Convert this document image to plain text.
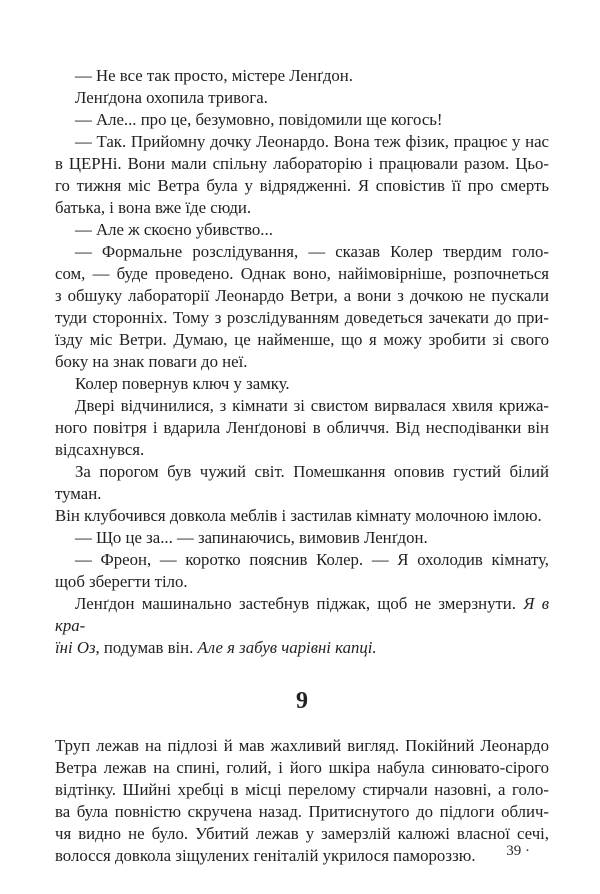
— Не все так просто, містере Ленґдон.
Ленґдона охопила тривога.
— Але... про це, безумовно, повідомили ще когось!
— Так. Прийомну дочку Леонардо. Вона теж фізик, працює у нас
в ЦЕРНі. Вони мали спільну лабораторію і працювали разом. Цьо-
го тижня міс Ветра була у відрядженні. Я сповістив її про смерть
батька, і вона вже їде сюди.
— Але ж скоєно убивство...
— Формальне розслідування, — сказав Колер твердим голо-
сом, — буде проведено. Однак воно, найімовірніше, розпочнеться
з обшуку лабораторії Леонардо Ветри, а вони з дочкою не пускали
туди сторонніх. Тому з розслідуванням доведеться зачекати до при-
їзду міс Ветри. Думаю, це найменше, що я можу зробити зі свого
боку на знак поваги до неї.
Колер повернув ключ у замку.
Двері відчинилися, з кімнати зі свистом вирвалася хвиля крижа-
ного повітря і вдарила Ленґдонові в обличчя. Від несподіванки він
відсахнувся.
За порогом був чужий світ. Помешкання оповив густий білий туман.
Він клубочився довкола меблів і застилав кімнату молочною імлою.
— Що це за... — запинаючись, вимовив Ленґдон.
— Фреон, — коротко пояснив Колер. — Я охолодив кімнату,
щоб зберегти тіло.
Ленґдон машинально застебнув піджак, щоб не змерзнути. Я в кра-
їні Оз, подумав він. Але я забув чарівні капці.
9
Труп лежав на підлозі й мав жахливий вигляд. Покійний Леонардо
Ветра лежав на спині, голий, і його шкіра набула синювато-сірого
відтінку. Шийні хребці в місці перелому стирчали назовні, а голо-
ва була повністю скручена назад. Притиснутого до підлоги облич-
чя видно не було. Убитий лежав у замерзлій калюжі власної сечі,
волосся довкола зіщулених геніталій укрилося памороззю.	39 ·
